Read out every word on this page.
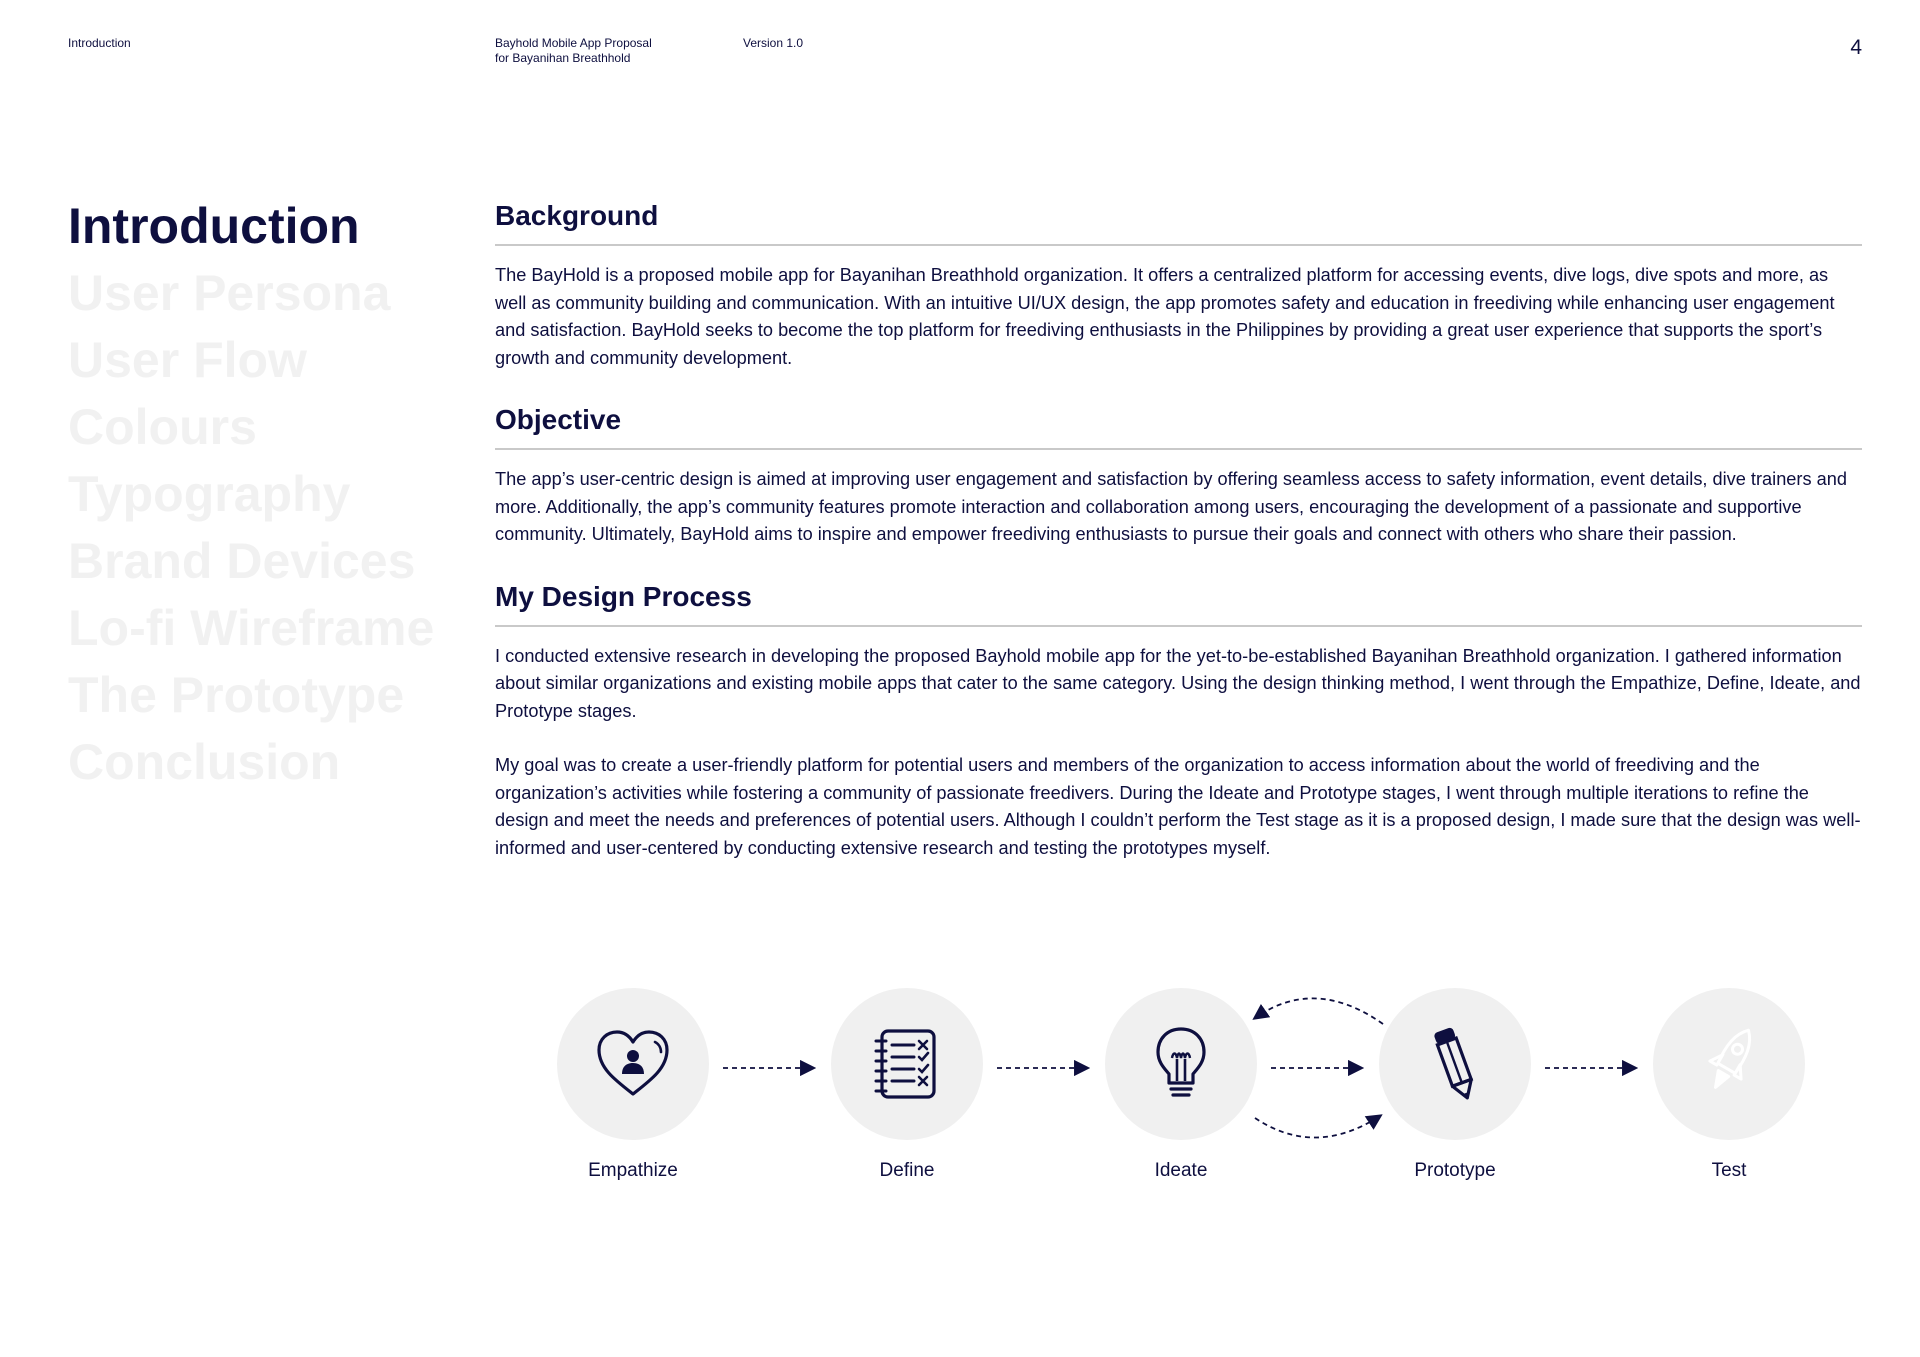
Introduction	Bayhold Mobile App Proposal
for Bayanihan Breathhold
Version 1.0	4
Introduction
User Persona
User Flow
Colours
Typography
Brand Devices
Lo-fi Wireframe
The Prototype
Conclusion
Background

The BayHold is a proposed mobile app for Bayanihan Breathhold organization. It offers a centralized platform for accessing events, dive logs, dive spots and more, as well as community building and communication. With an intuitive UI/UX design, the app promotes safety and education in freediving while enhancing user engagement and satisfaction. BayHold seeks to become the top platform for freediving enthusiasts in the Philippines by providing a great user experience that supports the sport’s growth and community development.

Objective

The app’s user-centric design is aimed at improving user engagement and satisfaction by offering seamless access to safety information, event details, dive trainers and more. Additionally, the app’s community features promote interaction and collaboration among users, encouraging the development of a passionate and supportive community. Ultimately, BayHold aims to inspire and empower freediving enthusiasts to pursue their goals and connect with others who share their passion.

My Design Process

I conducted extensive research in developing the proposed Bayhold mobile app for the yet-to-be-established Bayanihan Breathhold organization. I gathered information about similar organizations and existing mobile apps that cater to the same category. Using the design thinking method, I went through the Empathize, Define, Ideate, and Prototype stages.

My goal was to create a user-friendly platform for potential users and members of the organization to access information about the world of freediving and the organization’s activities while fostering a community of passionate freedivers. During the Ideate and Prototype stages, I went through multiple iterations to refine the design and meet the needs and preferences of potential users. Although I couldn’t perform the Test stage as it is a proposed design, I made sure that the design was well-informed and user-centered by conducting extensive research and testing the prototypes myself.

Empathize	Define	Ideate	Prototype	Test
